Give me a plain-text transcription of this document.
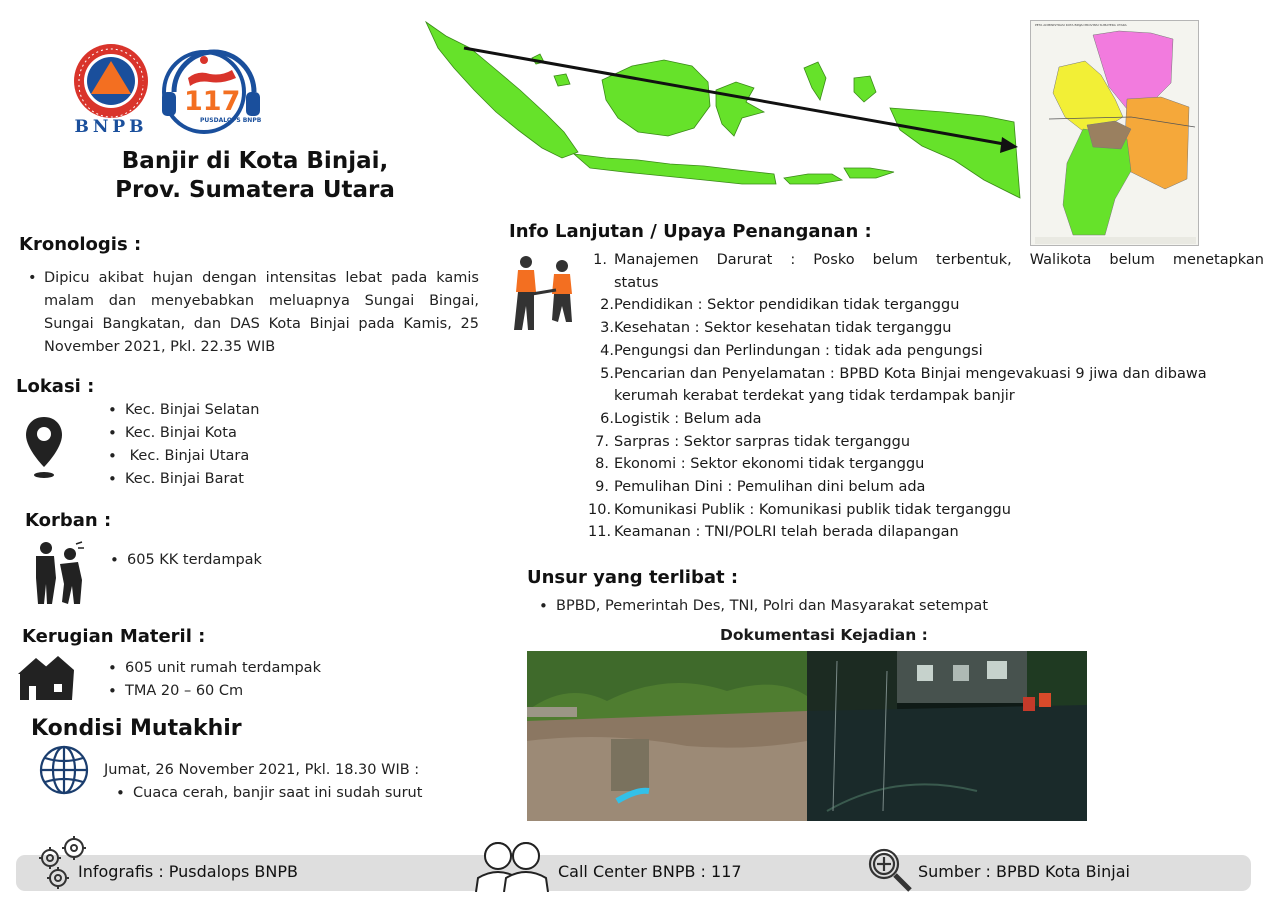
BNPB
117
PUSDALOPS BNPB
Banjir di Kota Binjai,
Prov. Sumatera Utara
PETA ADMINISTRASI KOTA BINJAI PROVINSI SUMATERA UTARA
Kronologis :
• Dipicu akibat hujan dengan intensitas lebat pada kamis malam dan menyebabkan meluapnya Sungai Bingai, Sungai Bangkatan, dan DAS Kota Binjai pada Kamis, 25 November 2021, Pkl. 22.35 WIB
Lokasi :
• Kec. Binjai Selatan
• Kec. Binjai Kota
•  Kec. Binjai Utara
• Kec. Binjai Barat
Korban :
• 605 KK terdampak
Kerugian Materil :
• 605 unit rumah terdampak
• TMA 20 – 60 Cm
Kondisi Mutakhir
Jumat, 26 November 2021, Pkl. 18.30 WIB :
• Cuaca cerah, banjir saat ini sudah surut
Info Lanjutan / Upaya Penanganan :
1. Manajemen Darurat : Posko belum terbentuk, Walikota belum menetapkan
status
2.Pendidikan : Sektor pendidikan tidak terganggu
3.Kesehatan : Sektor kesehatan tidak terganggu
4.Pengungsi dan Perlindungan : tidak ada pengungsi
5.Pencarian dan Penyelamatan : BPBD Kota Binjai mengevakuasi 9 jiwa dan dibawa
kerumah kerabat terdekat yang tidak terdampak banjir
6.Logistik : Belum ada
7. Sarpras : Sektor sarpras tidak terganggu
8. Ekonomi : Sektor ekonomi tidak terganggu
9. Pemulihan Dini : Pemulihan dini belum ada
10. Komunikasi Publik : Komunikasi publik tidak terganggu
11. Keamanan : TNI/POLRI telah berada dilapangan
Unsur yang terlibat :
• BPBD, Pemerintah Des, TNI, Polri dan Masyarakat setempat
Dokumentasi Kejadian :
Infografis : Pusdalops BNPB	Call Center BNPB : 117	Sumber : BPBD Kota Binjai
